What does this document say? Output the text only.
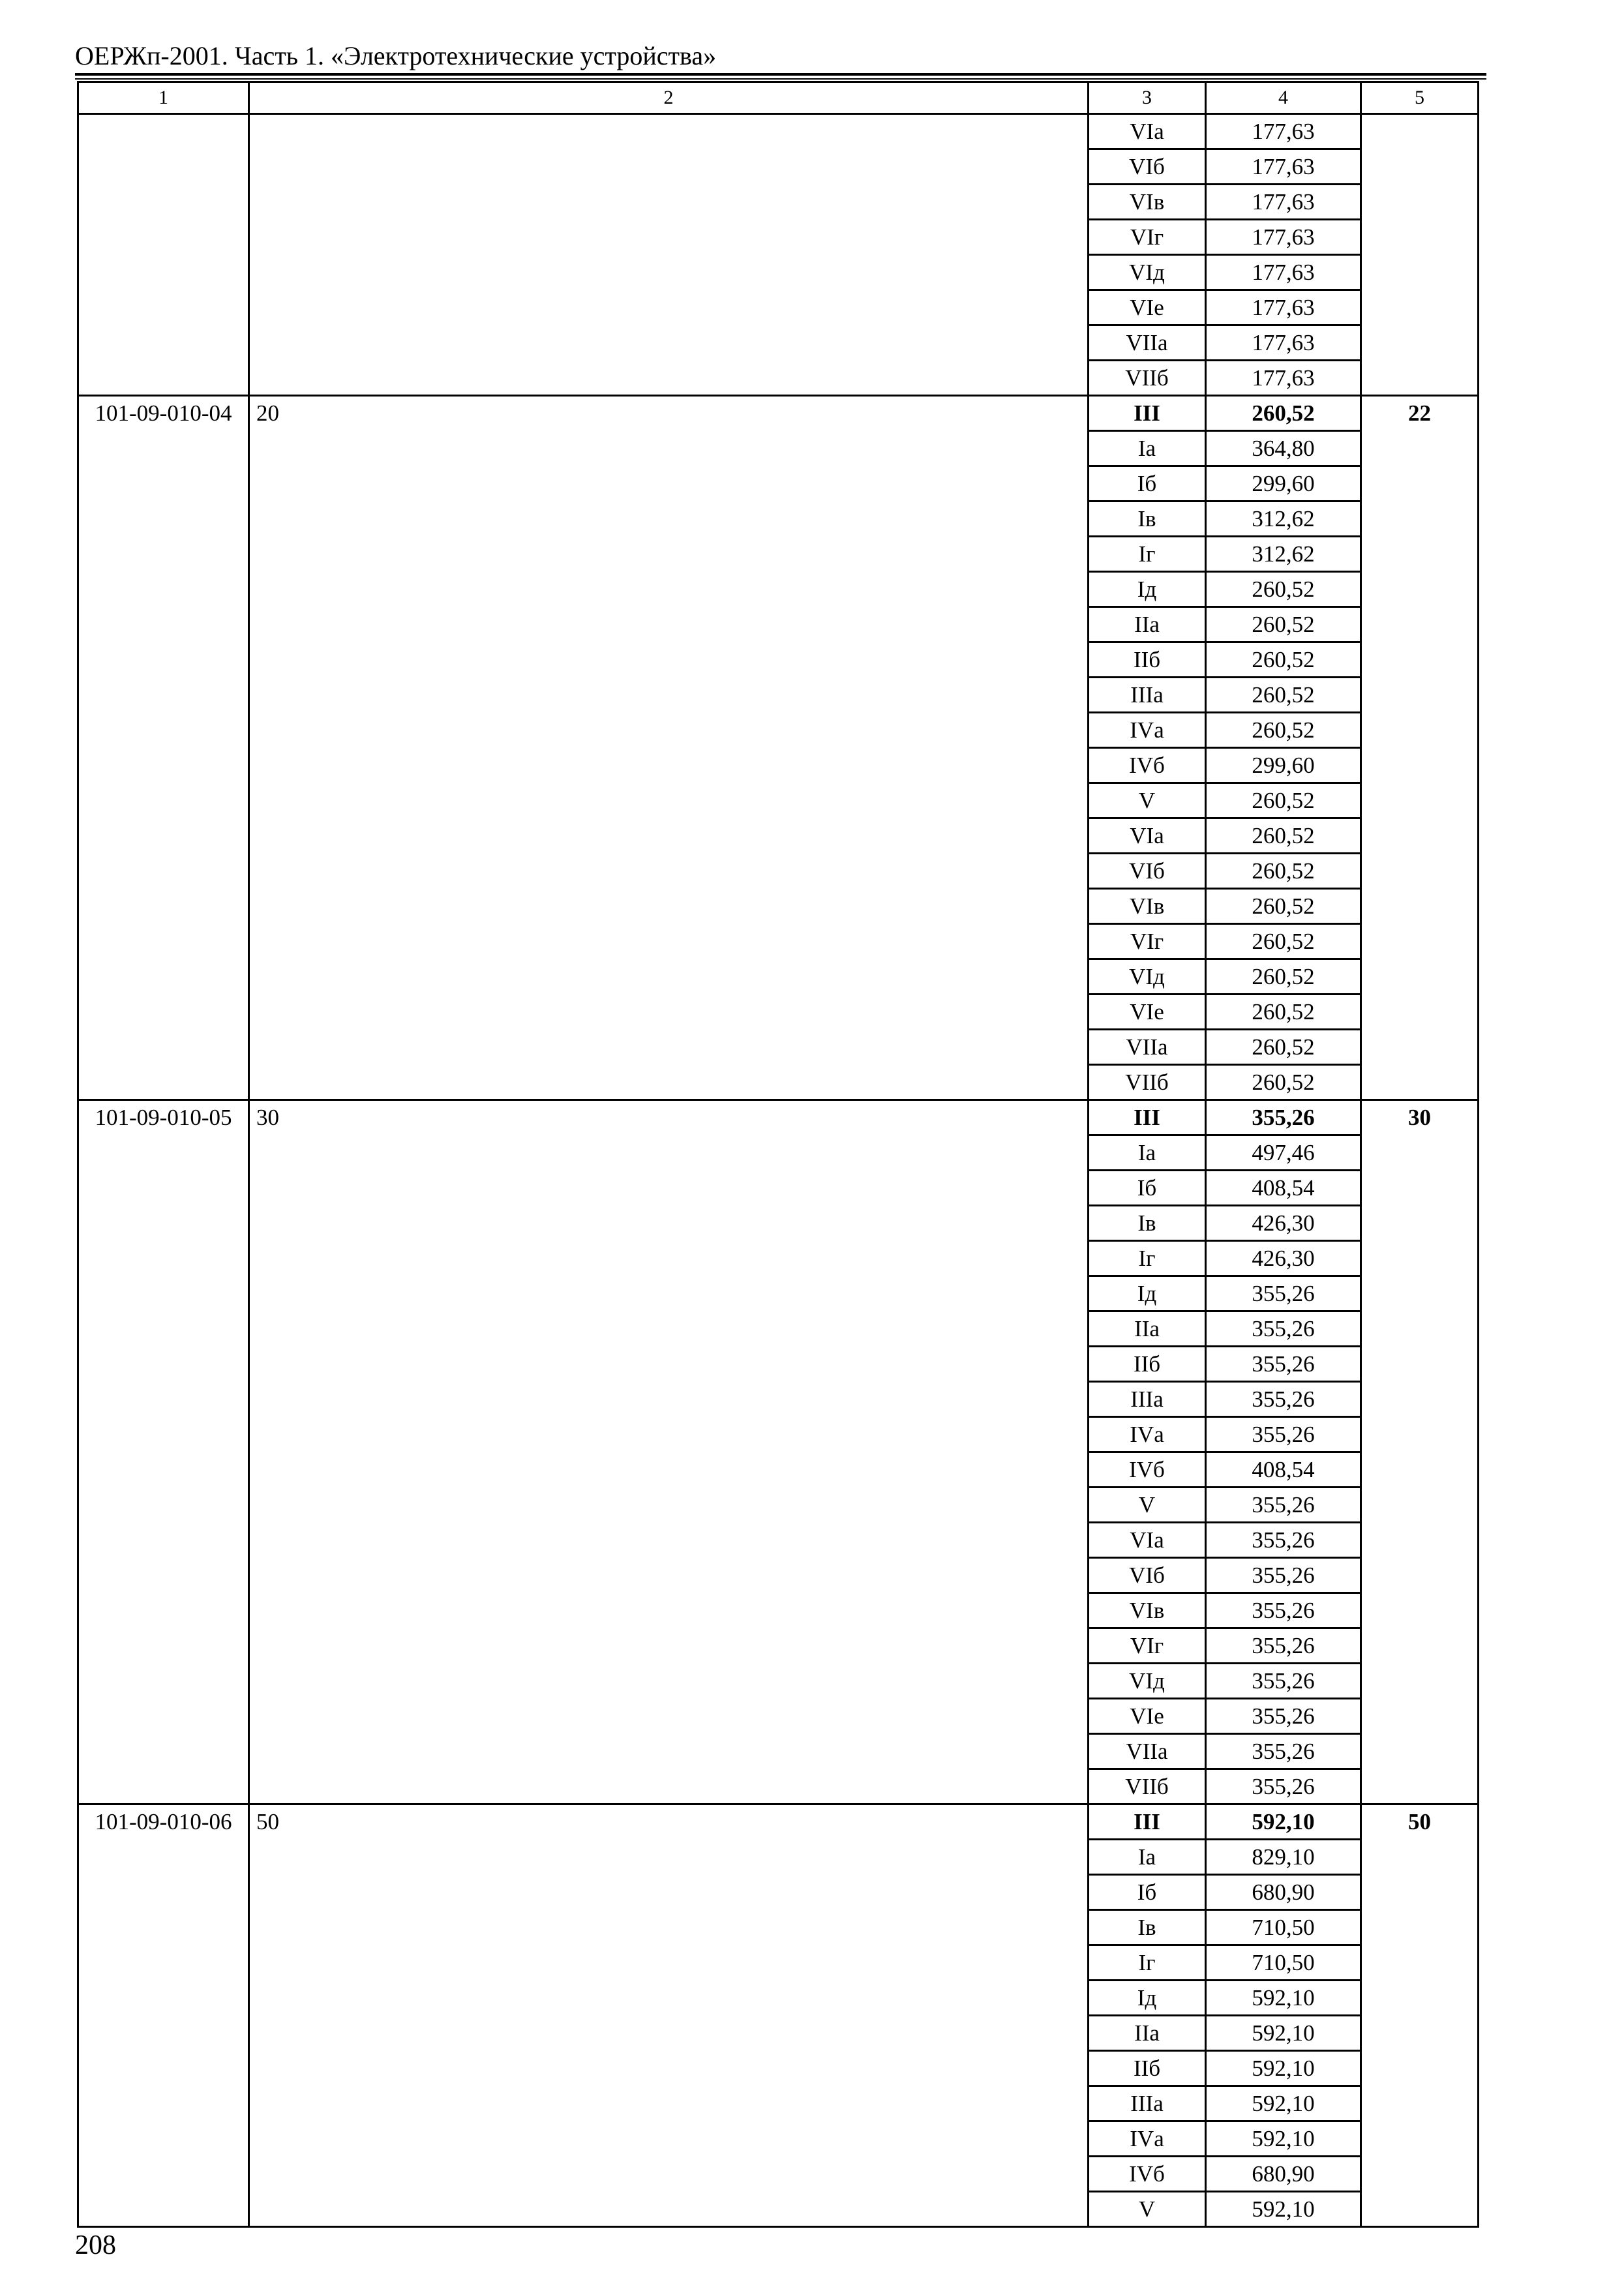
ОЕРЖп-2001. Часть 1. «Электротехнические устройства»
1	2	3	4	5
		VIа	177,63	
		VIб	177,63	
		VIв	177,63	
		VIг	177,63	
		VIд	177,63	
		VIе	177,63	
		VIIа	177,63	
		VIIб	177,63	
101-09-010-04	20	III	260,52	22
		Iа	364,80	
		Iб	299,60	
		Iв	312,62	
		Iг	312,62	
		Iд	260,52	
		IIа	260,52	
		IIб	260,52	
		IIIа	260,52	
		IVа	260,52	
		IVб	299,60	
		V	260,52	
		VIа	260,52	
		VIб	260,52	
		VIв	260,52	
		VIг	260,52	
		VIд	260,52	
		VIе	260,52	
		VIIа	260,52	
		VIIб	260,52	
101-09-010-05	30	III	355,26	30
		Iа	497,46	
		Iб	408,54	
		Iв	426,30	
		Iг	426,30	
		Iд	355,26	
		IIа	355,26	
		IIб	355,26	
		IIIа	355,26	
		IVа	355,26	
		IVб	408,54	
		V	355,26	
		VIа	355,26	
		VIб	355,26	
		VIв	355,26	
		VIг	355,26	
		VIд	355,26	
		VIе	355,26	
		VIIа	355,26	
		VIIб	355,26	
101-09-010-06	50	III	592,10	50
		Iа	829,10	
		Iб	680,90	
		Iв	710,50	
		Iг	710,50	
		Iд	592,10	
		IIа	592,10	
		IIб	592,10	
		IIIа	592,10	
		IVа	592,10	
		IVб	680,90	
		V	592,10	
208
